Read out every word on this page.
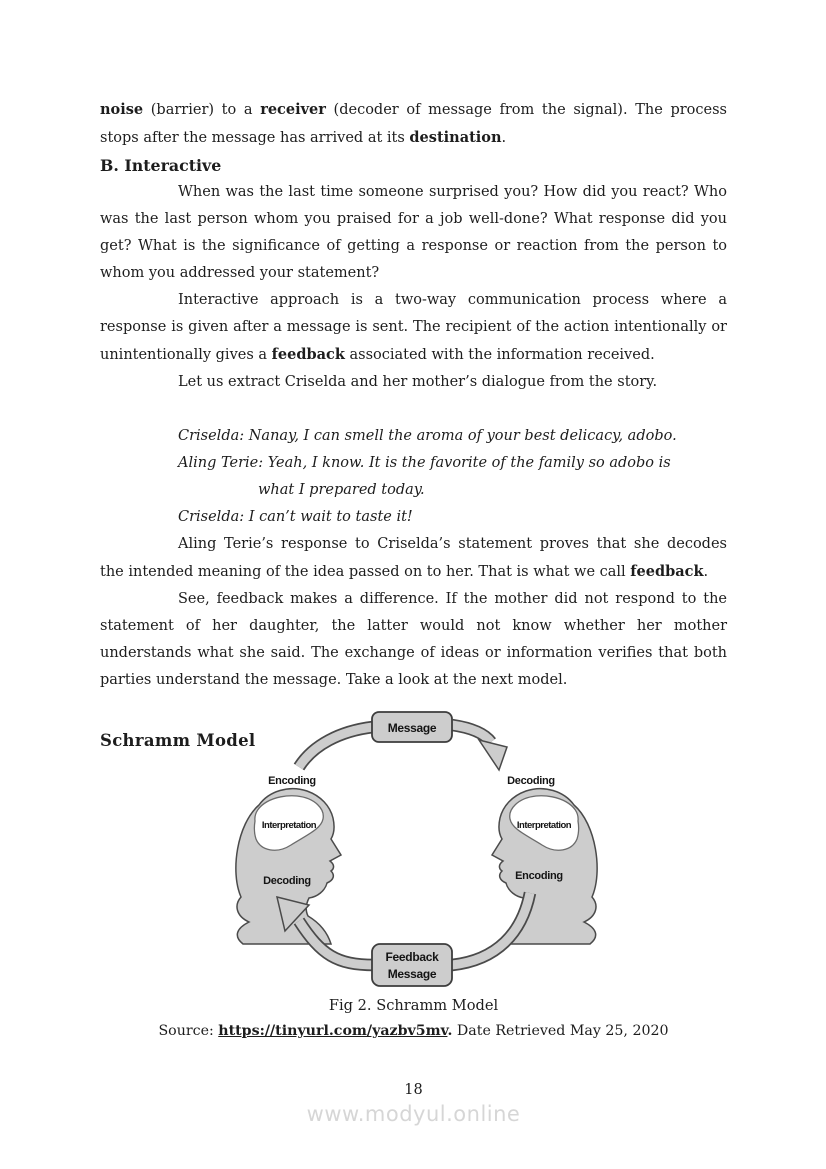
noise (barrier) to a receiver (decoder of message from the signal). The process stops after the message has arrived at its destination.

B. Interactive

When was the last time someone surprised you? How did you react? Who was the last person whom you praised for a job well-done? What response did you get? What is the significance of getting a response or reaction from the person to whom you addressed your statement?

Interactive approach is a two-way communication process where a response is given after a message is sent. The recipient of the action intentionally or unintentionally gives a feedback associated with the information received.

Let us extract Criselda and her mother’s dialogue from the story.

Criselda: Nanay, I can smell the aroma of your best delicacy, adobo.
Aling Terie: Yeah, I know. It is the favorite of the family so adobo is
what I prepared today.
Criselda: I can’t wait to taste it!

Aling Terie’s response to Criselda’s statement proves that she decodes the intended meaning of the idea passed on to her. That is what we call feedback.

See, feedback makes a difference. If the mother did not respond to the statement of her daughter, the latter would not know whether her mother understands what she said. The exchange of ideas or information verifies that both parties understand the message. Take a look at the next model.

Schramm Model
Message
Feedback
Message
Encoding	Decoding
Interpretation
Decoding
Interpretation
Encoding
Fig 2. Schramm Model
Source: https://tinyurl.com/yazbv5mv. Date Retrieved May 25, 2020
18
www.modyul.online
